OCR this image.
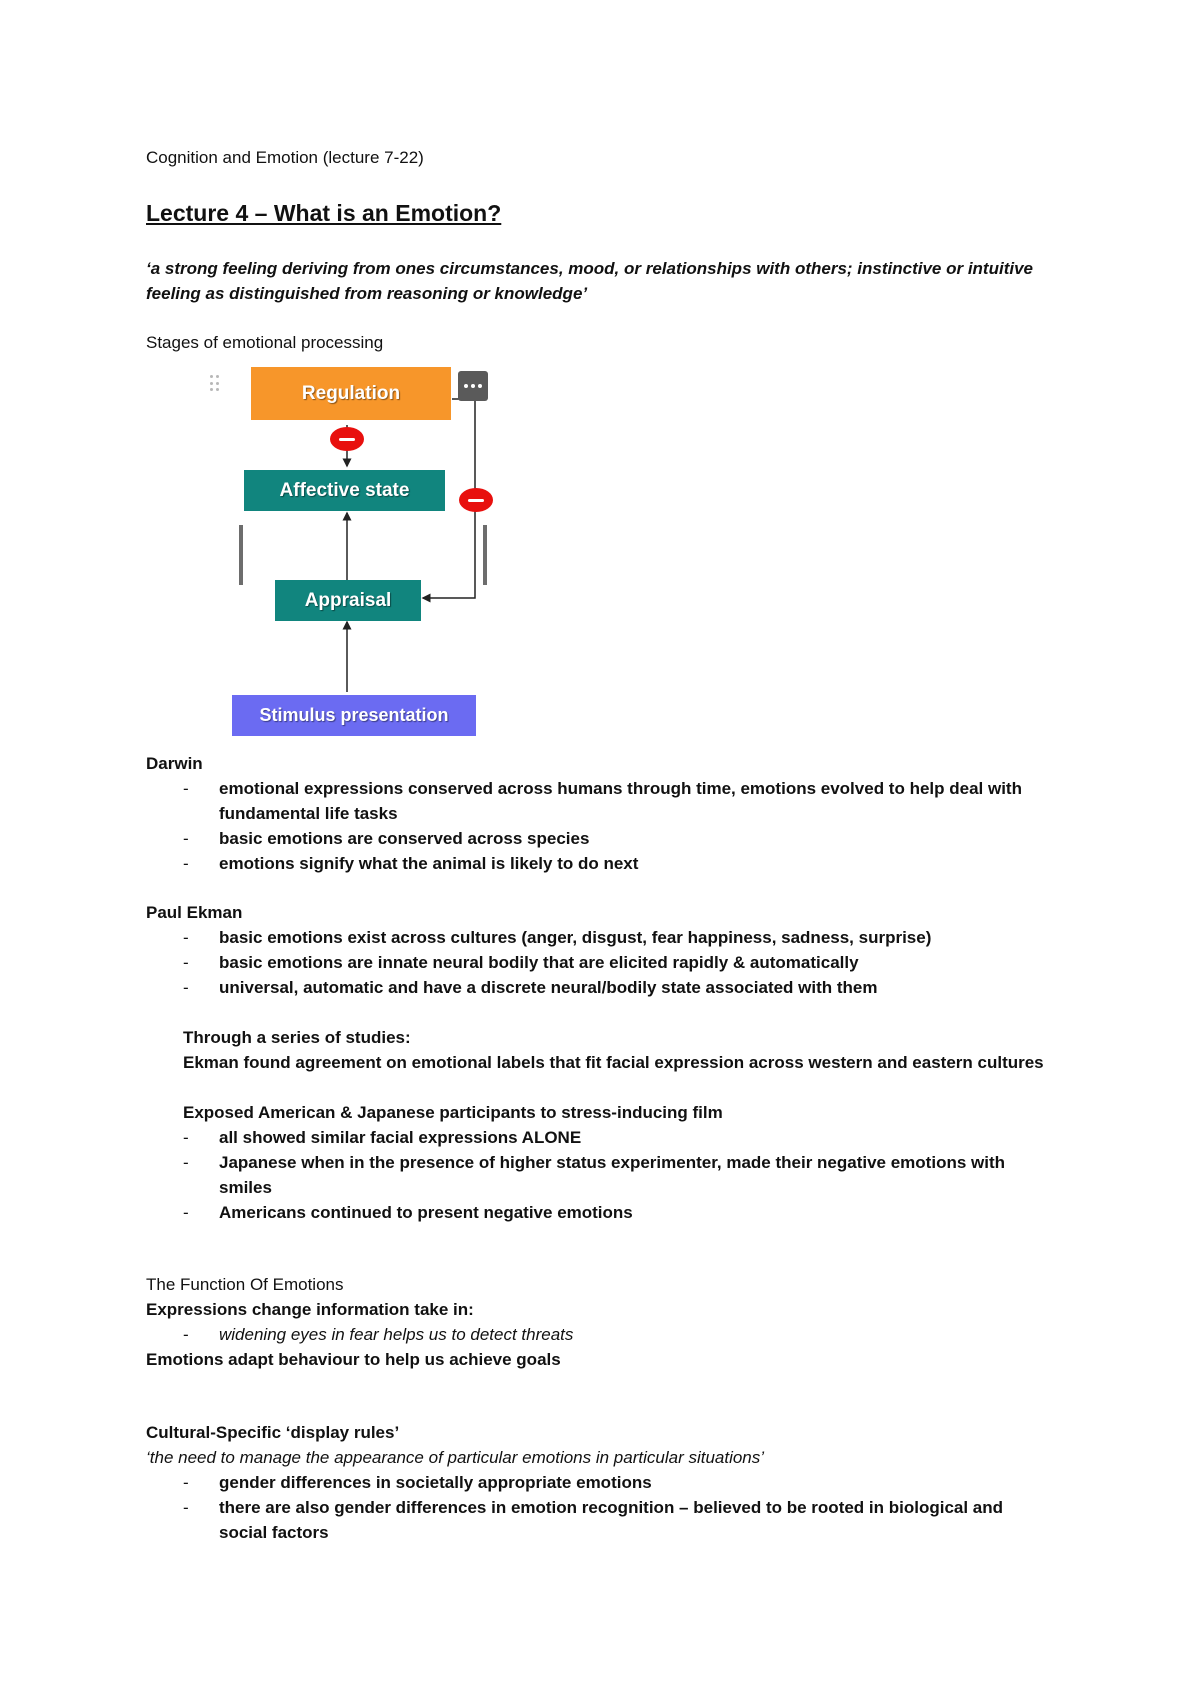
Cognition and Emotion (lecture 7-22)
Lecture 4 – What is an Emotion?
‘a strong feeling deriving from ones circumstances, mood, or relationships with others; instinctive or intuitive
feeling as distinguished from reasoning or knowledge’
Stages of emotional processing
Regulation
Affective state
Appraisal
Stimulus presentation
Darwin
- emotional expressions conserved across humans through time, emotions evolved to help deal with
fundamental life tasks
- basic emotions are conserved across species
- emotions signify what the animal is likely to do next
Paul Ekman
- basic emotions exist across cultures (anger, disgust, fear happiness, sadness, surprise)
- basic emotions are innate neural bodily that are elicited rapidly & automatically
- universal, automatic and have a discrete neural/bodily state associated with them
Through a series of studies:
Ekman found agreement on emotional labels that fit facial expression across western and eastern cultures
Exposed American & Japanese participants to stress-inducing film
- all showed similar facial expressions ALONE
- Japanese when in the presence of higher status experimenter, made their negative emotions with
smiles
- Americans continued to present negative emotions
The Function Of Emotions
Expressions change information take in:
- widening eyes in fear helps us to detect threats
Emotions adapt behaviour to help us achieve goals
Cultural-Specific ‘display rules’
‘the need to manage the appearance of particular emotions in particular situations’
- gender differences in societally appropriate emotions
- there are also gender differences in emotion recognition – believed to be rooted in biological and
social factors
